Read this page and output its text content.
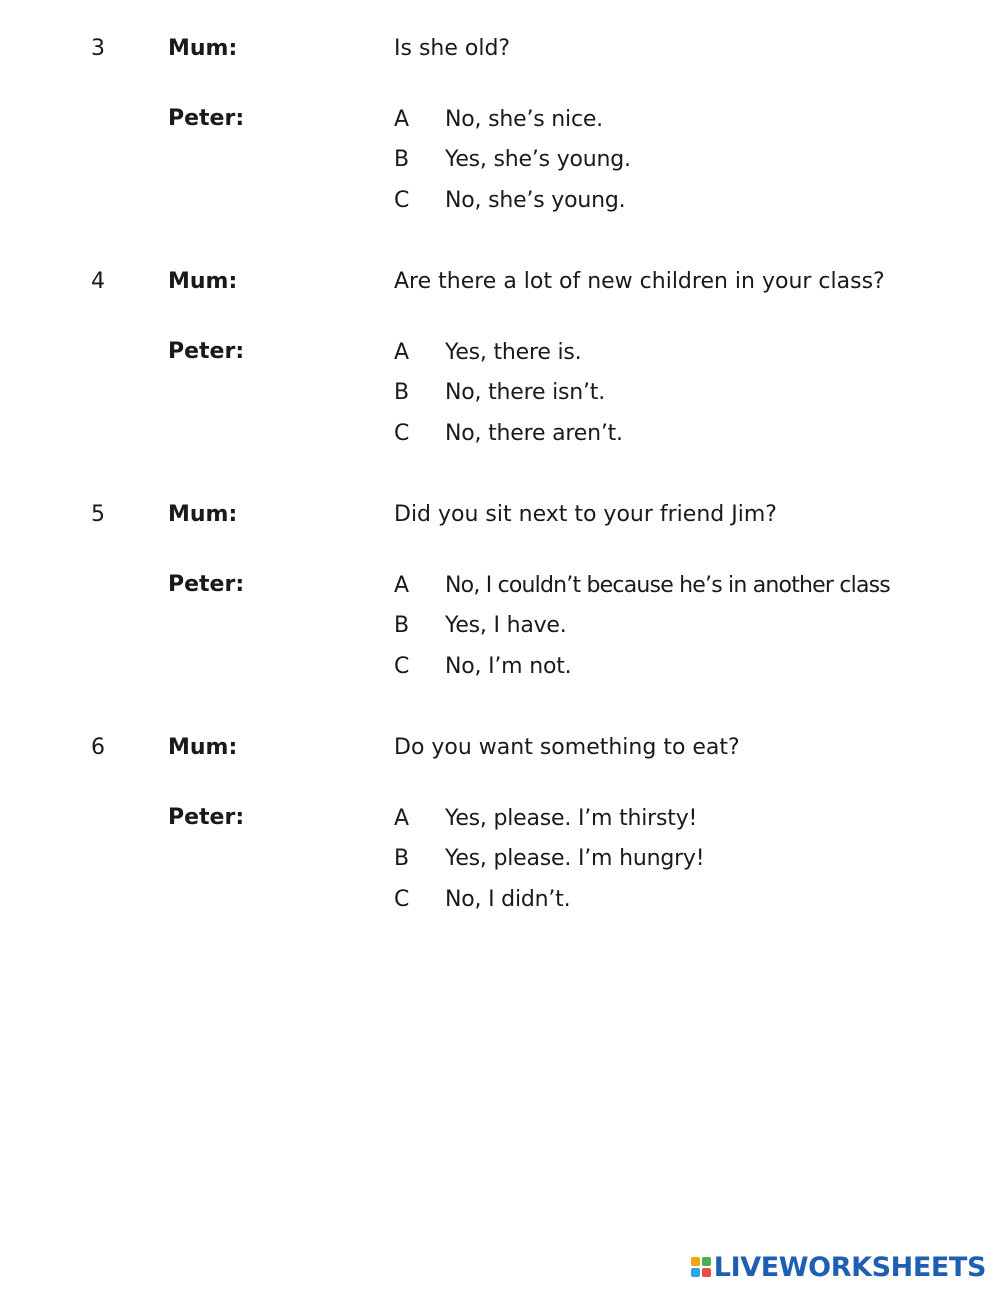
3	Mum:	Is she old?
Peter:	A	No, she’s nice.
B	Yes, she’s young.
C	No, she’s young.
4	Mum:	Are there a lot of new children in your class?
Peter:	A	Yes, there is.
B	No, there isn’t.
C	No, there aren’t.
5	Mum:	Did you sit next to your friend Jim?
Peter:	A	No, I couldn’t because he’s in another class
B	Yes, I have.
C	No, I’m not.
6	Mum:	Do you want something to eat?
Peter:	A	Yes, please. I’m thirsty!
B	Yes, please. I’m hungry!
C	No, I didn’t.
LIVEWORKSHEETS
